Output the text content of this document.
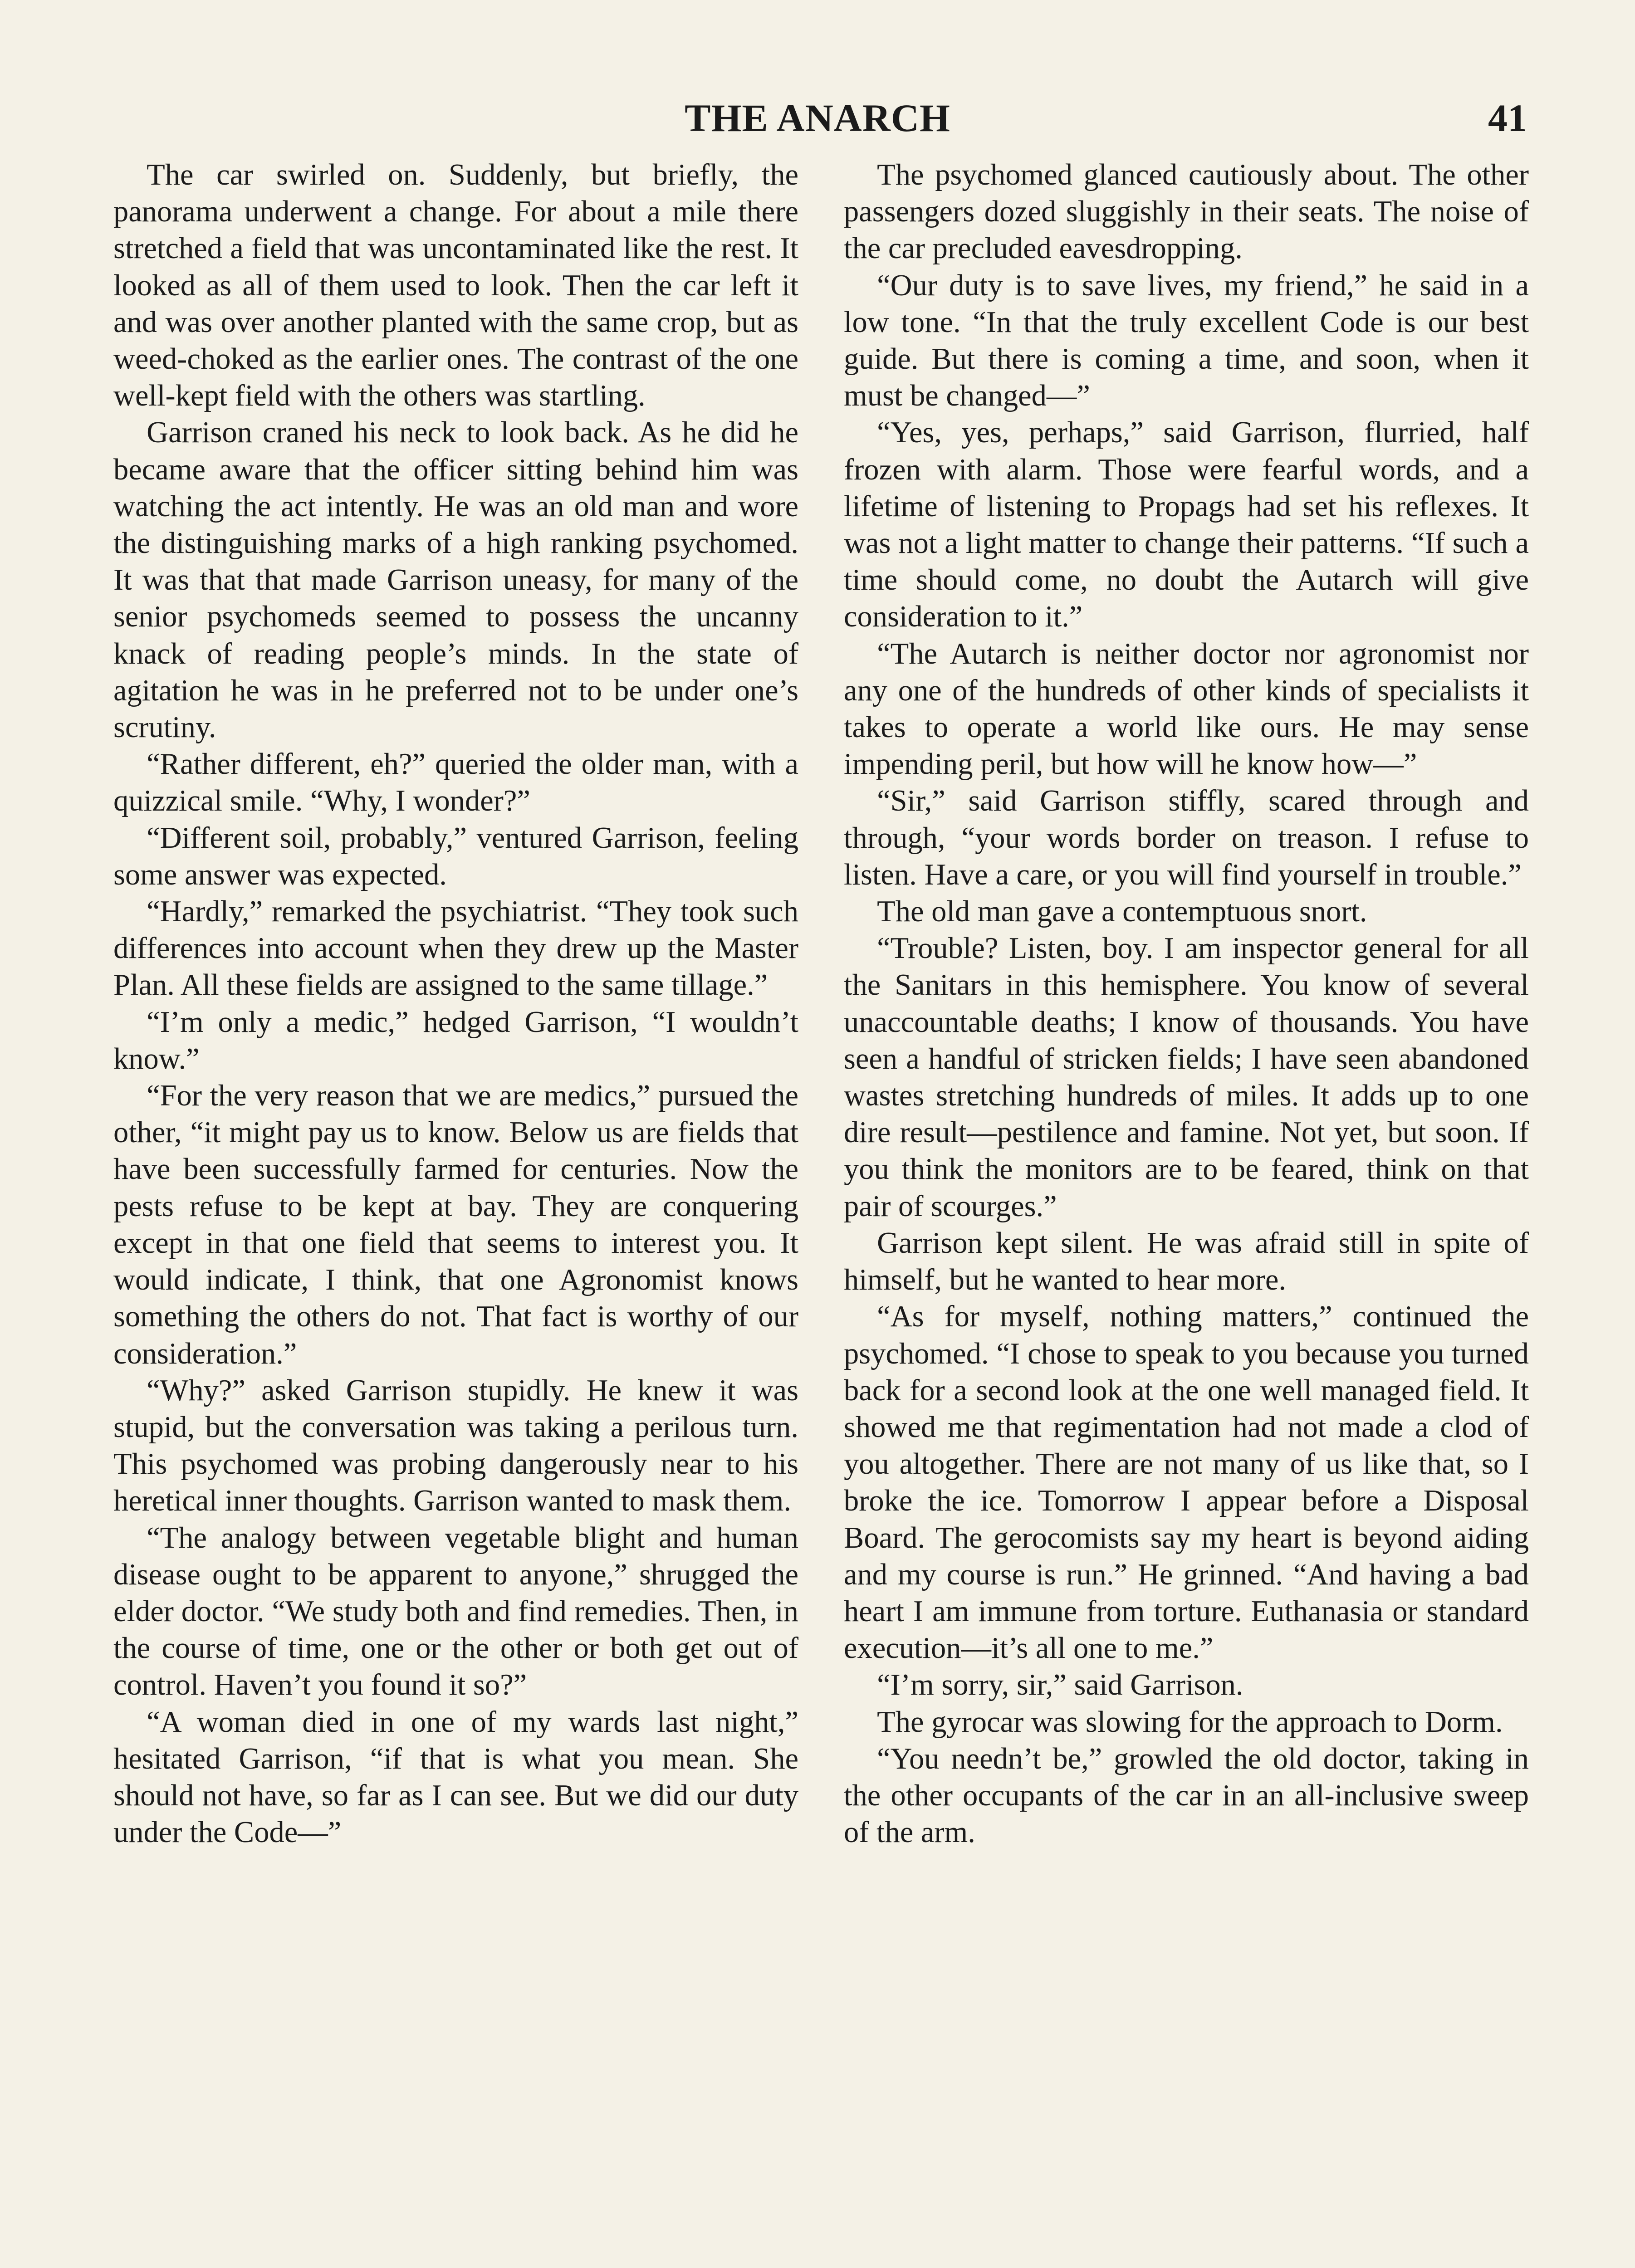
THE ANARCH	41

The car swirled on. Suddenly, but briefly, the panorama underwent a change. For about a mile there stretched a field that was uncontaminated like the rest. It looked as all of them used to look. Then the car left it and was over another planted with the same crop, but as weed-choked as the earlier ones. The contrast of the one well-kept field with the others was startling.

Garrison craned his neck to look back. As he did he became aware that the officer sitting behind him was watching the act intently. He was an old man and wore the distinguishing marks of a high ranking psychomed. It was that that made Garrison uneasy, for many of the senior psychomeds seemed to possess the uncanny knack of reading people’s minds. In the state of agitation he was in he preferred not to be under one’s scrutiny.

“Rather different, eh?” queried the older man, with a quizzical smile. “Why, I wonder?”

“Different soil, probably,” ventured Garrison, feeling some answer was expected.

“Hardly,” remarked the psychiatrist. “They took such differences into account when they drew up the Master Plan. All these fields are assigned to the same tillage.”

“I’m only a medic,” hedged Garrison, “I wouldn’t know.”

“For the very reason that we are medics,” pursued the other, “it might pay us to know. Below us are fields that have been successfully farmed for centuries. Now the pests refuse to be kept at bay. They are conquering except in that one field that seems to interest you. It would indicate, I think, that one Agronomist knows something the others do not. That fact is worthy of our consideration.”

“Why?” asked Garrison stupidly. He knew it was stupid, but the conversation was taking a perilous turn. This psychomed was probing dangerously near to his heretical inner thoughts. Garrison wanted to mask them.

“The analogy between vegetable blight and human disease ought to be apparent to anyone,” shrugged the elder doctor. “We study both and find remedies. Then, in the course of time, one or the other or both get out of control. Haven’t you found it so?”

“A woman died in one of my wards last night,” hesitated Garrison, “if that is what you mean. She should not have, so far as I can see. But we did our duty under the Code—”

The psychomed glanced cautiously about. The other passengers dozed sluggishly in their seats. The noise of the car precluded eavesdropping.

“Our duty is to save lives, my friend,” he said in a low tone. “In that the truly excellent Code is our best guide. But there is coming a time, and soon, when it must be changed—”

“Yes, yes, perhaps,” said Garrison, flurried, half frozen with alarm. Those were fearful words, and a lifetime of listening to Propags had set his reflexes. It was not a light matter to change their patterns. “If such a time should come, no doubt the Autarch will give consideration to it.”

“The Autarch is neither doctor nor agronomist nor any one of the hundreds of other kinds of specialists it takes to operate a world like ours. He may sense impending peril, but how will he know how—”

“Sir,” said Garrison stiffly, scared through and through, “your words border on treason. I refuse to listen. Have a care, or you will find yourself in trouble.”

The old man gave a contemptuous snort.

“Trouble? Listen, boy. I am inspector general for all the Sanitars in this hemisphere. You know of several unaccountable deaths; I know of thousands. You have seen a handful of stricken fields; I have seen abandoned wastes stretching hundreds of miles. It adds up to one dire result—pestilence and famine. Not yet, but soon. If you think the monitors are to be feared, think on that pair of scourges.”

Garrison kept silent. He was afraid still in spite of himself, but he wanted to hear more.

“As for myself, nothing matters,” continued the psychomed. “I chose to speak to you because you turned back for a second look at the one well managed field. It showed me that regimentation had not made a clod of you altogether. There are not many of us like that, so I broke the ice. Tomorrow I appear before a Disposal Board. The gerocomists say my heart is beyond aiding and my course is run.” He grinned. “And having a bad heart I am immune from torture. Euthanasia or standard execution—it’s all one to me.”

“I’m sorry, sir,” said Garrison.

The gyrocar was slowing for the approach to Dorm.

“You needn’t be,” growled the old doctor, taking in the other occupants of the car in an all-inclusive sweep of the arm.
